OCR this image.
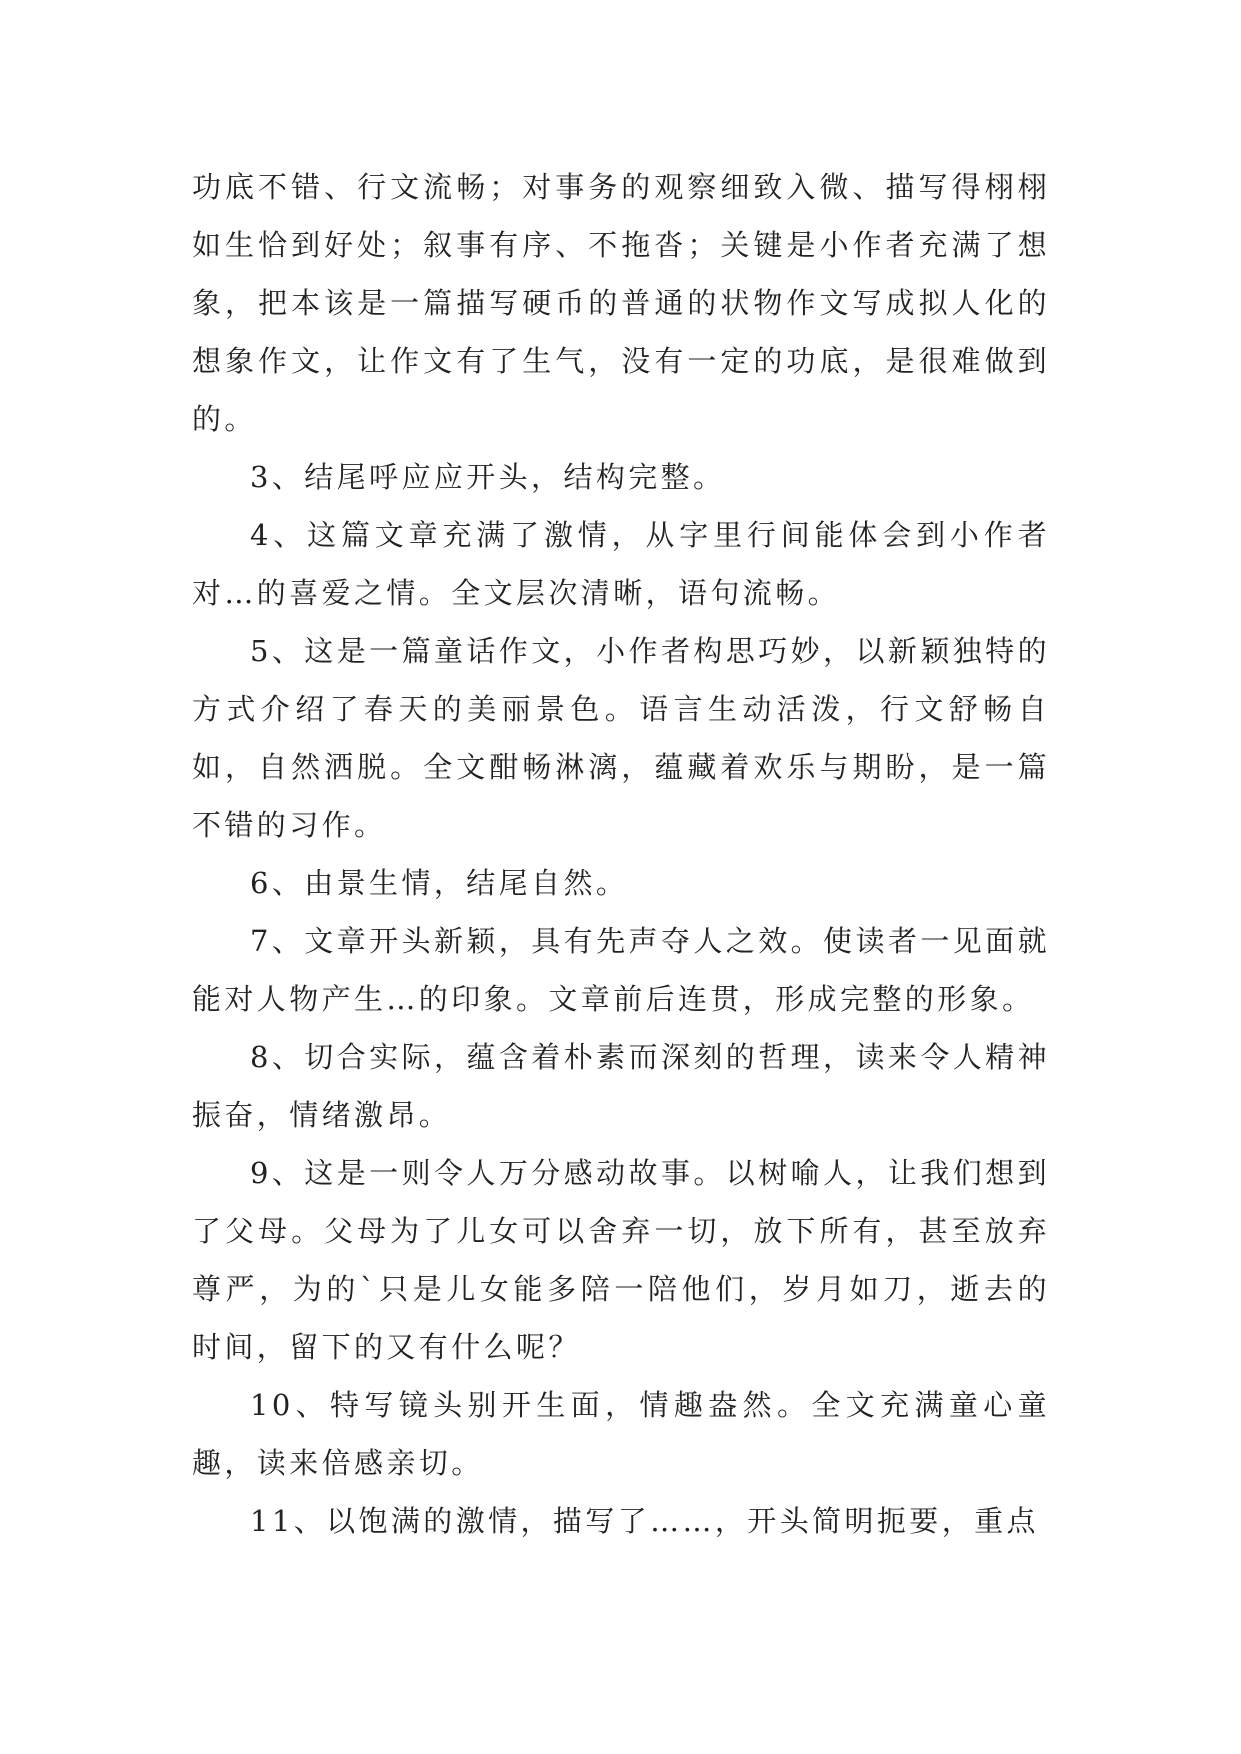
功底不错、行文流畅；对事务的观察细致入微、描写得栩栩如生恰到好处；叙事有序、不拖沓；关键是小作者充满了想象，把本该是一篇描写硬币的普通的状物作文写成拟人化的想象作文，让作文有了生气，没有一定的功底，是很难做到的。

3、结尾呼应应开头，结构完整。

4、这篇文章充满了激情，从字里行间能体会到小作者对…的喜爱之情。全文层次清晰，语句流畅。

5、这是一篇童话作文，小作者构思巧妙，以新颖独特的方式介绍了春天的美丽景色。语言生动活泼，行文舒畅自如，自然洒脱。全文酣畅淋漓，蕴藏着欢乐与期盼，是一篇不错的习作。

6、由景生情，结尾自然。

7、文章开头新颖，具有先声夺人之效。使读者一见面就能对人物产生…的印象。文章前后连贯，形成完整的形象。

8、切合实际，蕴含着朴素而深刻的哲理，读来令人精神振奋，情绪激昂。

9、这是一则令人万分感动故事。以树喻人，让我们想到了父母。父母为了儿女可以舍弃一切，放下所有，甚至放弃尊严，为的`只是儿女能多陪一陪他们，岁月如刀，逝去的时间，留下的又有什么呢？

10、特写镜头别开生面，情趣盎然。全文充满童心童趣，读来倍感亲切。

11、以饱满的激情，描写了……，开头简明扼要，重点
